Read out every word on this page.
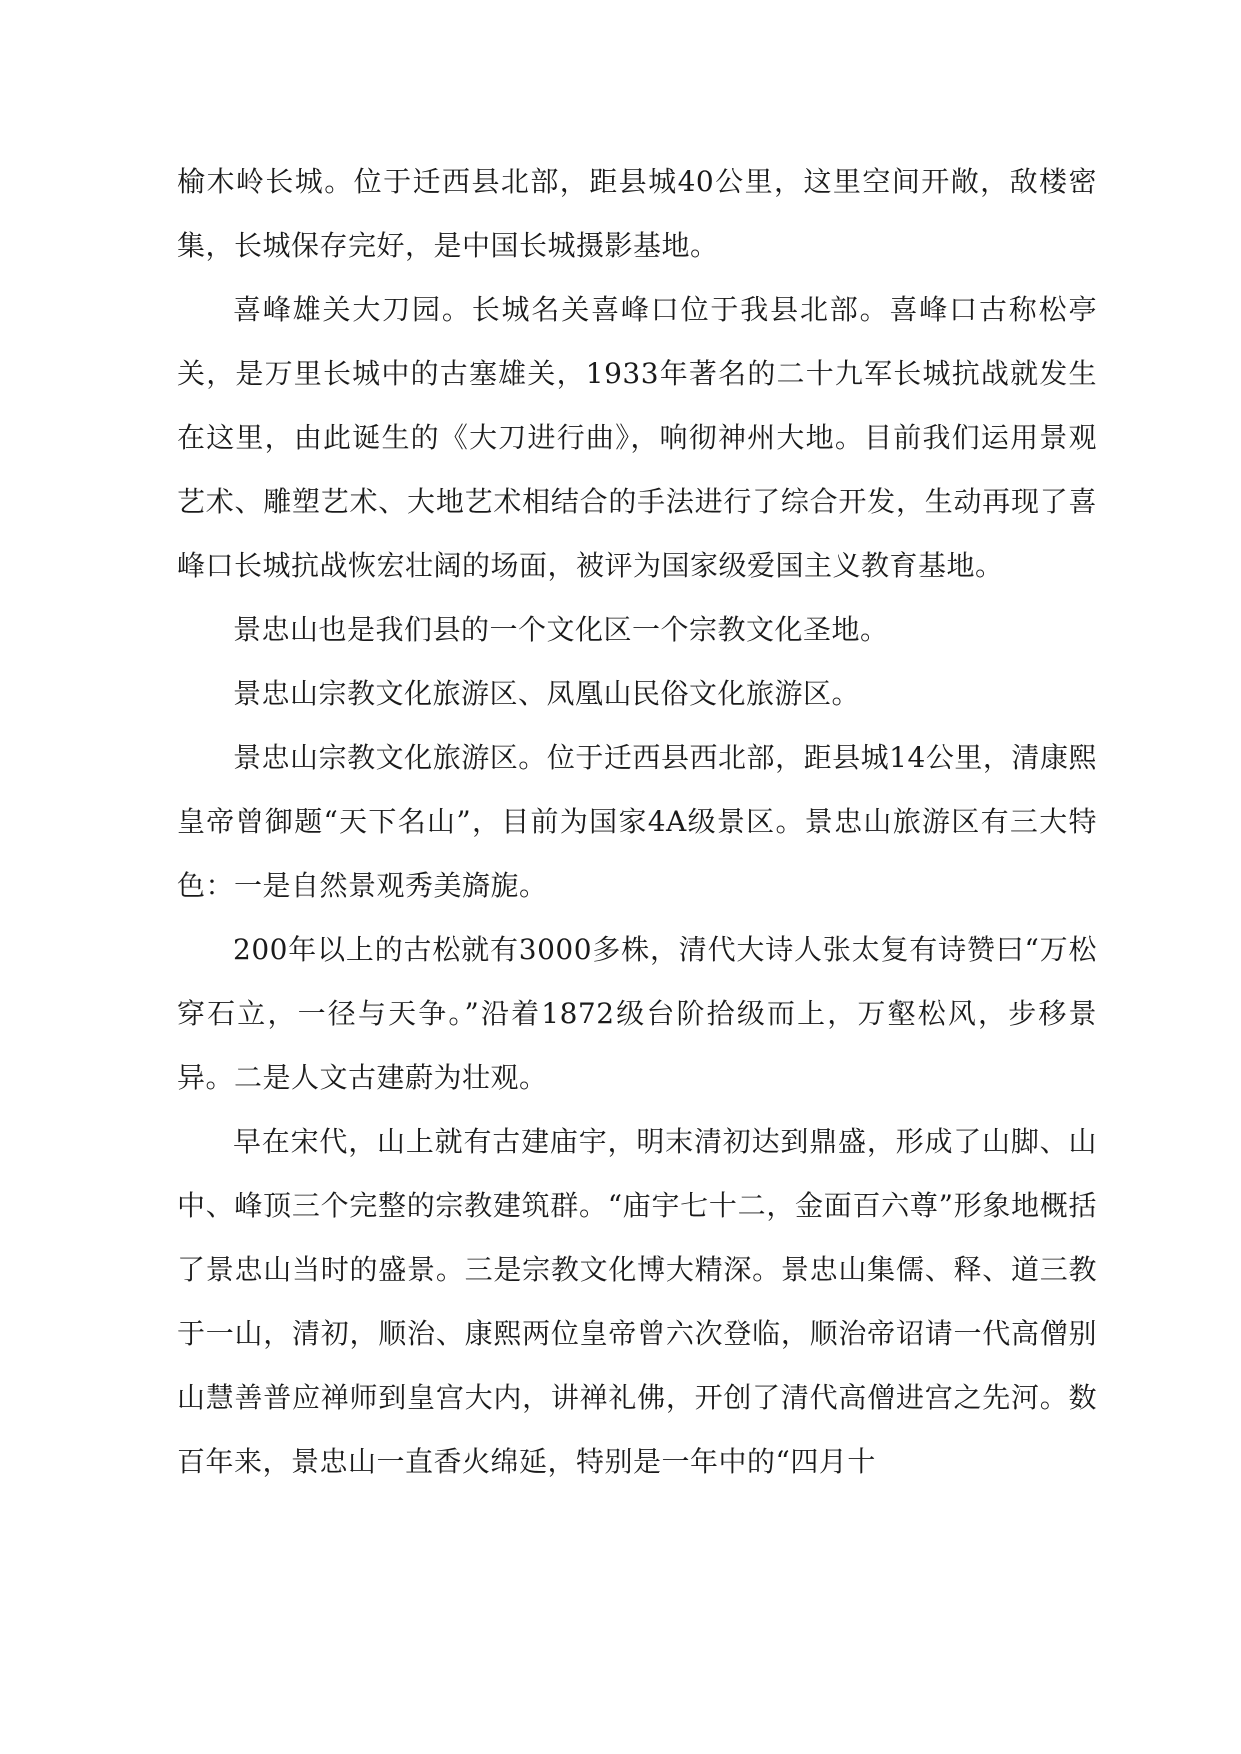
榆木岭长城。位于迁西县北部，距县城40公里，这里空间开敞，敌楼密集，长城保存完好，是中国长城摄影基地。

喜峰雄关大刀园。长城名关喜峰口位于我县北部。喜峰口古称松亭关，是万里长城中的古塞雄关，1933年著名的二十九军长城抗战就发生在这里，由此诞生的《大刀进行曲》，响彻神州大地。目前我们运用景观艺术、雕塑艺术、大地艺术相结合的手法进行了综合开发，生动再现了喜峰口长城抗战恢宏壮阔的场面，被评为国家级爱国主义教育基地。

景忠山也是我们县的一个文化区一个宗教文化圣地。

景忠山宗教文化旅游区、凤凰山民俗文化旅游区。

景忠山宗教文化旅游区。位于迁西县西北部，距县城14公里，清康熙皇帝曾御题“天下名山”，目前为国家4A级景区。景忠山旅游区有三大特色：一是自然景观秀美旖旎。

200年以上的古松就有3000多株，清代大诗人张太复有诗赞曰“万松穿石立，一径与天争。”沿着1872级台阶拾级而上，万壑松风，步移景异。二是人文古建蔚为壮观。

早在宋代，山上就有古建庙宇，明末清初达到鼎盛，形成了山脚、山中、峰顶三个完整的宗教建筑群。“庙宇七十二，金面百六尊”形象地概括了景忠山当时的盛景。三是宗教文化博大精深。景忠山集儒、释、道三教于一山，清初，顺治、康熙两位皇帝曾六次登临，顺治帝诏请一代高僧别山慧善普应禅师到皇宫大内，讲禅礼佛，开创了清代高僧进宫之先河。数百年来，景忠山一直香火绵延，特别是一年中的“四月十
